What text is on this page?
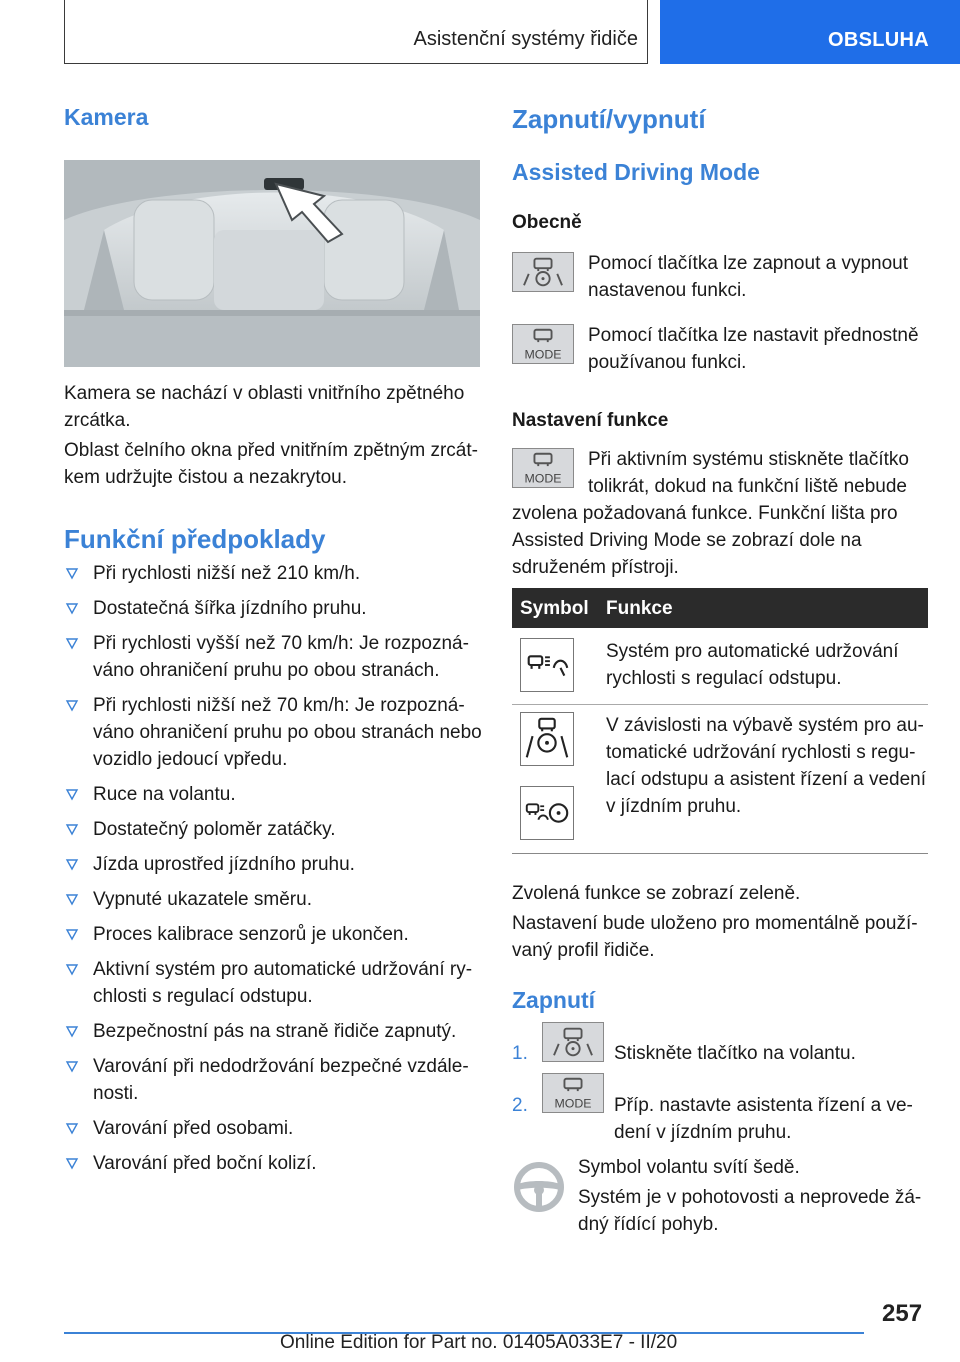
Asistenční systémy řidiče	OBSLUHA
Kamera
Kamera se nachází v oblasti vnitřního zpětného zrcátka.
Oblast čelního okna před vnitřním zpětným zrcátkem udržujte čistou a nezakrytou.
Funkční předpoklady
Při rychlosti nižší než 210 km/h.
Dostatečná šířka jízdního pruhu.
Při rychlosti vyšší než 70 km/h: Je rozpoznáváno ohraničení pruhu po obou stranách.
Při rychlosti nižší než 70 km/h: Je rozpoznáváno ohraničení pruhu po obou stranách nebo vozidlo jedoucí vpředu.
Ruce na volantu.
Dostatečný poloměr zatáčky.
Jízda uprostřed jízdního pruhu.
Vypnuté ukazatele směru.
Proces kalibrace senzorů je ukončen.
Aktivní systém pro automatické udržování rychlosti s regulací odstupu.
Bezpečnostní pás na straně řidiče zapnutý.
Varování při nedodržování bezpečné vzdálenosti.
Varování před osobami.
Varování před boční kolizí.
Zapnutí/vypnutí
Assisted Driving Mode
Obecně
Pomocí tlačítka lze zapnout a vypnout nastavenou funkci.
MODE
Pomocí tlačítka lze nastavit přednostně používanou funkci.
Nastavení funkce
MODE
Při aktivním systému stiskněte tlačítko tolikrát, dokud na funkční liště nebude
zvolena požadovaná funkce. Funkční lišta pro Assisted Driving Mode se zobrazí dole na sdruženém přístroji.
Symbol Funkce
Systém pro automatické udržování rychlosti s regulací odstupu.
V závislosti na výbavě systém pro automatické udržování rychlosti s regulací odstupu a asistent řízení a vedení v jízdním pruhu.
Zvolená funkce se zobrazí zeleně.
Nastavení bude uloženo pro momentálně používaný profil řidiče.
Zapnutí
1.	Stiskněte tlačítko na volantu.
2. MODE Příp. nastavte asistenta řízení a vedení v jízdním pruhu.
Symbol volantu svítí šedě.
Systém je v pohotovosti a neprovede žádný řídící pohyb.
257
Online Edition for Part no. 01405A033E7 - II/20
